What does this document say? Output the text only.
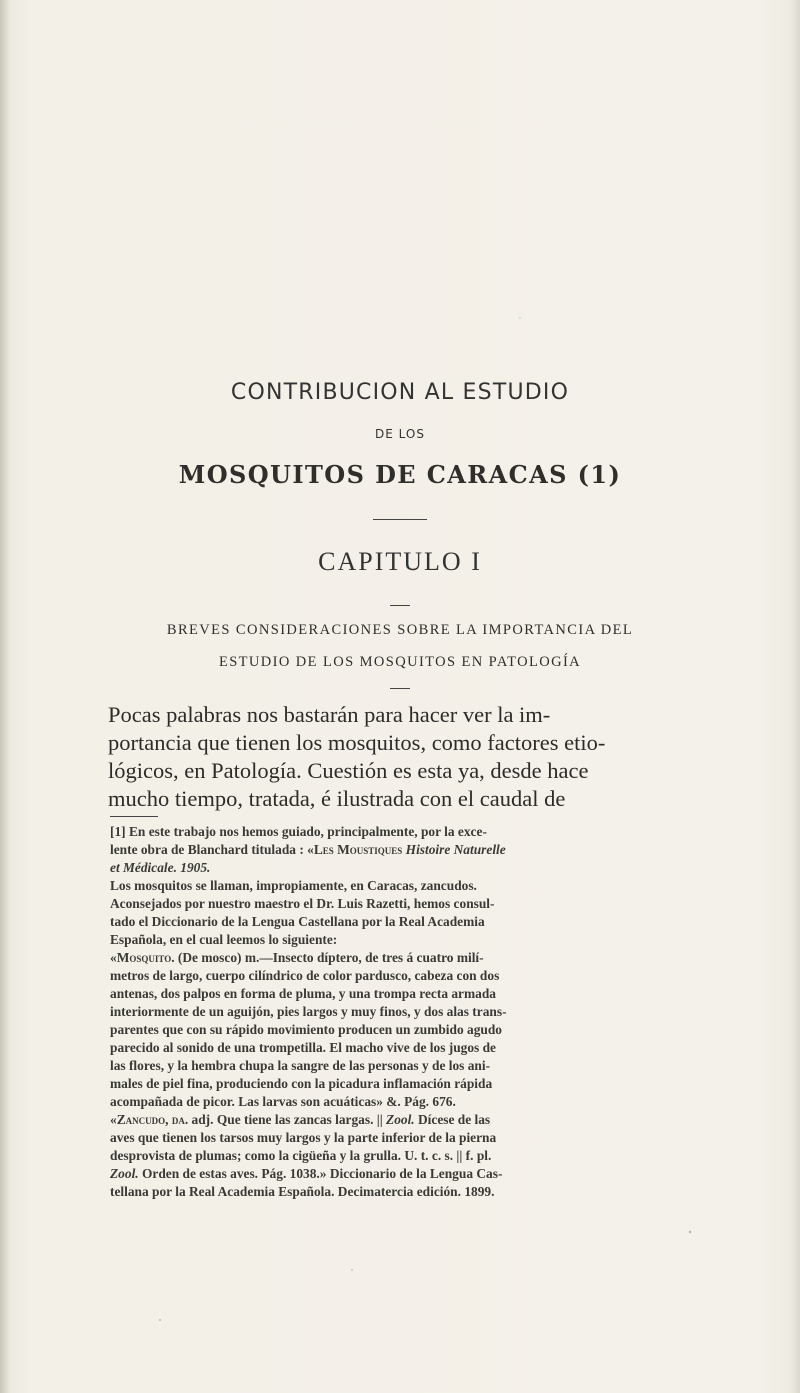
CONTRIBUCION AL ESTUDIO
DE LOS
MOSQUITOS DE CARACAS (1)
CAPITULO I
BREVES CONSIDERACIONES SOBRE LA IMPORTANCIA DEL
ESTUDIO DE LOS MOSQUITOS EN PATOLOGÍA
Pocas palabras nos bastarán para hacer ver la im-
portancia que tienen los mosquitos, como factores etio-
lógicos, en Patología. Cuestión es esta ya, desde hace
mucho tiempo, tratada, é ilustrada con el caudal de
[1] En este trabajo nos hemos guiado, principalmente, por la exce-
lente obra de Blanchard titulada : «Les Moustiques Histoire Naturelle
et Médicale. 1905.
Los mosquitos se llaman, impropiamente, en Caracas, zancudos.
Aconsejados por nuestro maestro el Dr. Luis Razetti, hemos consul-
tado el Diccionario de la Lengua Castellana por la Real Academia
Española, en el cual leemos lo siguiente:
«Mosquito. (De mosco) m.—Insecto díptero, de tres á cuatro milí-
metros de largo, cuerpo cilíndrico de color pardusco, cabeza con dos
antenas, dos palpos en forma de pluma, y una trompa recta armada
interiormente de un aguijón, pies largos y muy finos, y dos alas trans-
parentes que con su rápido movimiento producen un zumbido agudo
parecido al sonido de una trompetilla. El macho vive de los jugos de
las flores, y la hembra chupa la sangre de las personas y de los ani-
males de piel fina, produciendo con la picadura inflamación rápida
acompañada de picor. Las larvas son acuáticas» &. Pág. 676.
«Zancudo, da. adj. Que tiene las zancas largas. || Zool. Dícese de las
aves que tienen los tarsos muy largos y la parte inferior de la pierna
desprovista de plumas; como la cigüeña y la grulla. U. t. c. s. || f. pl.
Zool. Orden de estas aves. Pág. 1038.» Diccionario de la Lengua Cas-
tellana por la Real Academia Española. Decimatercia edición. 1899.
